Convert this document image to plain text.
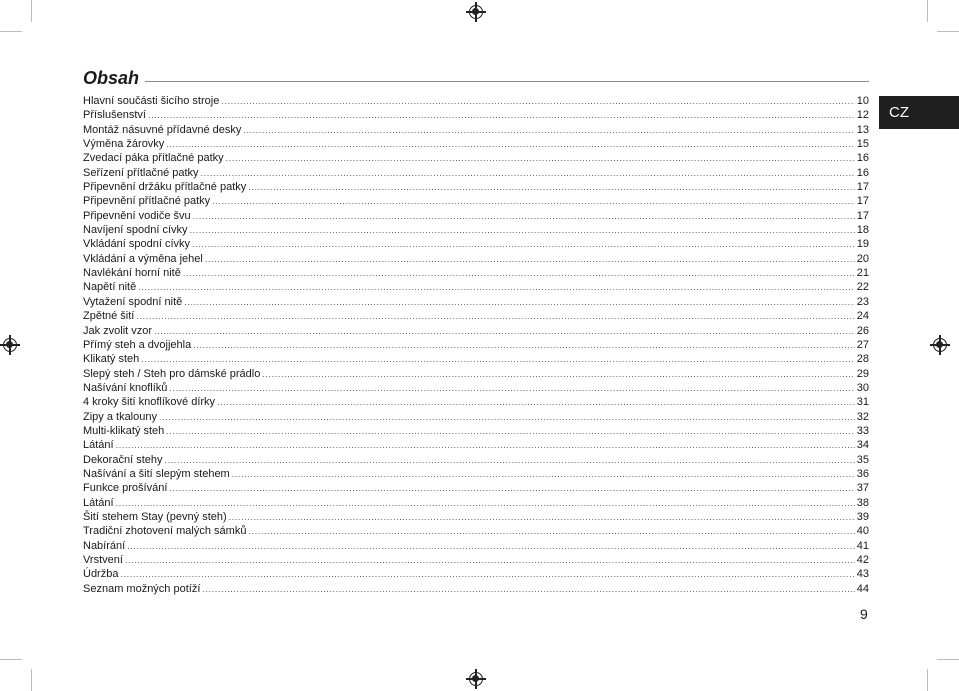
Obsah
Hlavní součásti šicího stroje .....	10
Příslušenství .....	12
Montáž násuvné přídavné desky .....	13
Výměna žárovky .....	15
Zvedací páka přítlačné patky .....	16
Seřízení přítlačné patky .....	16
Připevnění držáku přítlačné patky .....	17
Připevnění přítlačné patky .....	17
Připevnění vodiče švu .....	17
Navíjení spodní cívky .....	18
Vkládání spodní cívky .....	19
Vkládání a výměna jehel .....	20
Navlékání horní nitě .....	21
Napětí nitě .....	22
Vytažení spodní nitě .....	23
Zpětné šití .....	24
Jak zvolit vzor .....	26
Přímý steh a dvojjehla .....	27
Klikatý steh .....	28
Slepý steh / Steh pro dámské prádlo .....	29
Našívání knoflíků .....	30
4 kroky šití knoflíkové dírky .....	31
Zipy a tkalouny .....	32
Multi-klikatý steh .....	33
Látání .....	34
Dekorační stehy .....	35
Našívání a šití slepým stehem .....	36
Funkce prošívání .....	37
Látání .....	38
Šití stehem Stay (pevný steh) .....	39
Tradiční zhotovení malých sámků .....	40
Nabírání .....	41
Vrstvení .....	42
Údržba .....	43
Seznam možných potíží .....	44
CZ
9
